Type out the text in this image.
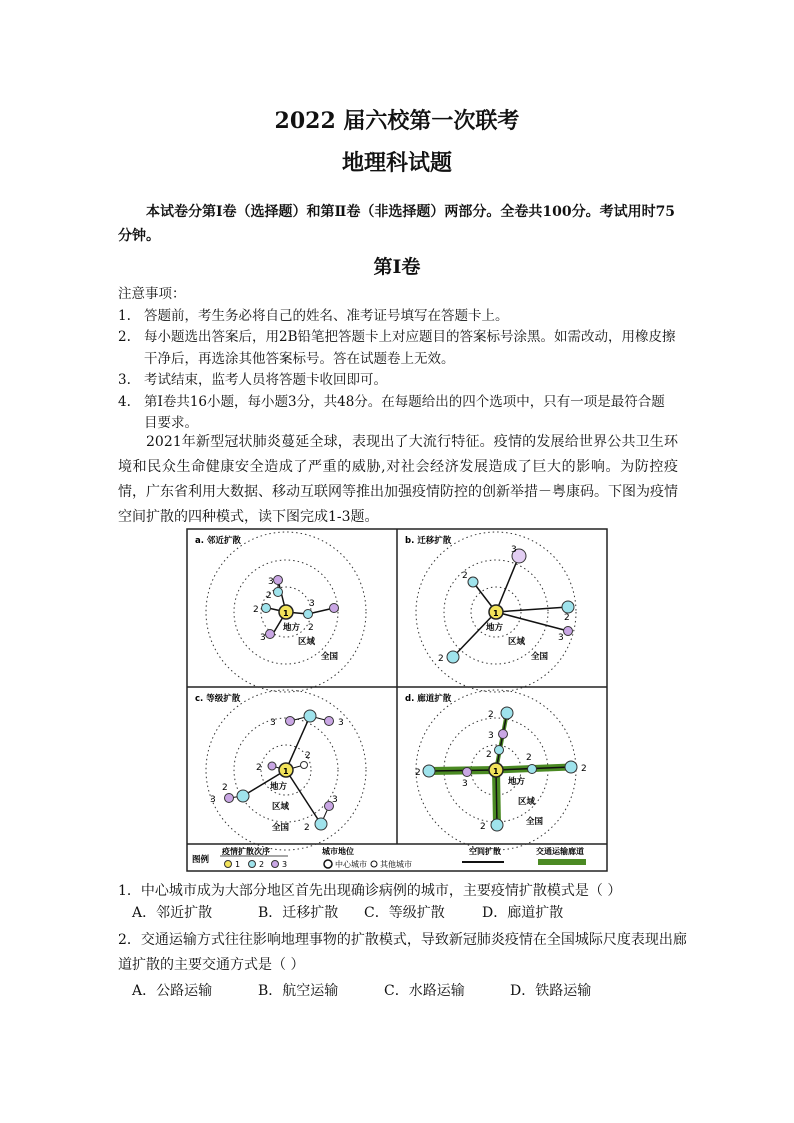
2022 届六校第一次联考
地理科试题
本试卷分第Ⅰ卷（选择题）和第Ⅱ卷（非选择题）两部分。全卷共100分。考试用时75分钟。
第Ⅰ卷

注意事项：

1. 答题前，考生务必将自己的姓名、准考证号填写在答题卡上。
2. 每小题选出答案后，用2B铅笔把答题卡上对应题目的答案标号涂黑。如需改动，用橡皮擦干净后，再选涂其他答案标号。答在试题卷上无效。
3. 考试结束，监考人员将答题卡收回即可。
4. 第Ⅰ卷共16小题，每小题3分，共48分。在每题给出的四个选项中，只有一项是最符合题目要求。
2021年新型冠状肺炎蔓延全球，表现出了大流行特征。疫情的发展给世界公共卫生环境和民众生命健康安全造成了严重的威胁,对社会经济发展造成了巨大的影响。为防控疫情，广东省利用大数据、移动互联网等推出加强疫情防控的创新举措－粤康码。下图为疫情空间扩散的四种模式，读下图完成1-3题。
a. 邻近扩散
1
3
2
2
3
3
2
地方
区域
全国
b. 迁移扩散
1
2
3
2
3
2
地方
区域
全国
c. 等级扩散
1
3	3
2
2
2
3	3
2
地方
区域
全国
d. 廊道扩散
1
2
3
2
2
3
2
2
2
地方
区域
全国
图例
疫情扩散次序
1 2 3
城市地位
中心城市 其他城市
空间扩散	交通运输廊道
1．中心城市成为大部分地区首先出现确诊病例的城市，主要疫情扩散模式是（ ）
A．邻近扩散	B．迁移扩散	C．等级扩散	D．廊道扩散
2．交通运输方式往往影响地理事物的扩散模式，导致新冠肺炎疫情在全国城际尺度表现出廊道扩散的主要交通方式是（ ）
A．公路运输	B．航空运输	C．水路运输	D．铁路运输
